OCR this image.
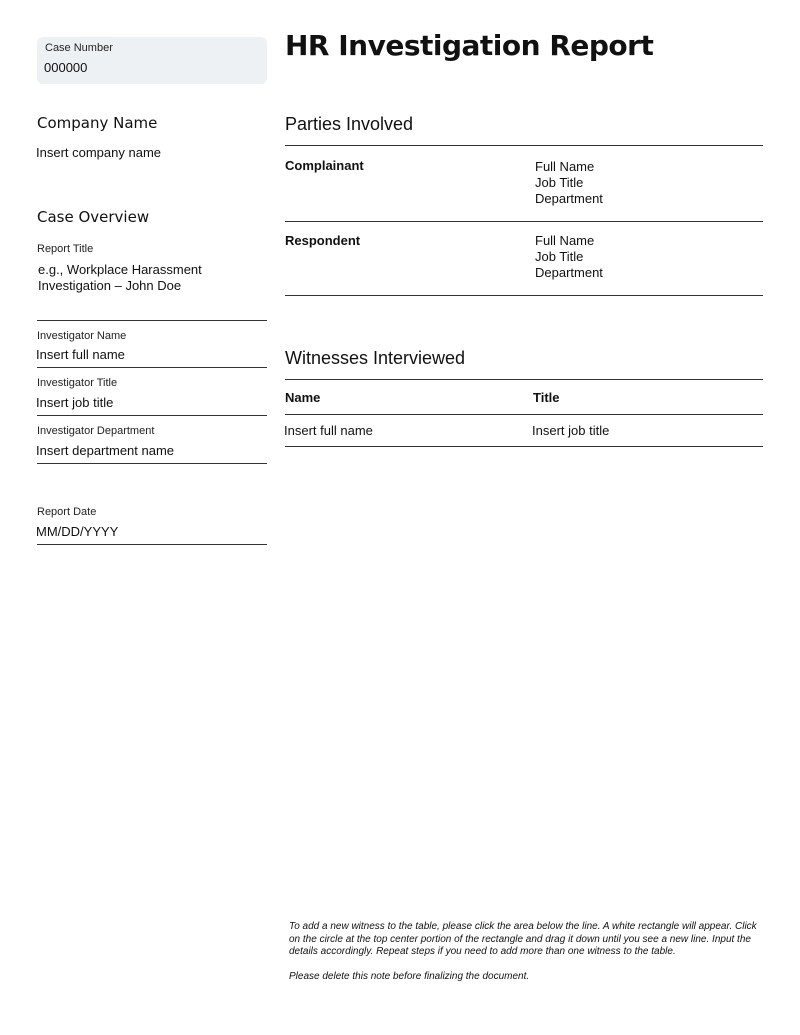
Case Number
000000
HR Investigation Report
Company Name
Insert company name
Case Overview
Report Title
e.g., Workplace Harassment
Investigation – John Doe
Investigator Name
Insert full name
Investigator Title
Insert job title
Investigator Department
Insert department name
Report Date
MM/DD/YYYY
Parties Involved
Complainant	Full Name
Job Title
Department
Respondent	Full Name
Job Title
Department
Witnesses Interviewed
Name	Title
Insert full name	Insert job title

To add a new witness to the table, please click the area below the line. A white rectangle will appear. Click on the circle at the top center portion of the rectangle and drag it down until you see a new line. Input the details accordingly. Repeat steps if you need to add more than one witness to the table.

Please delete this note before finalizing the document.
